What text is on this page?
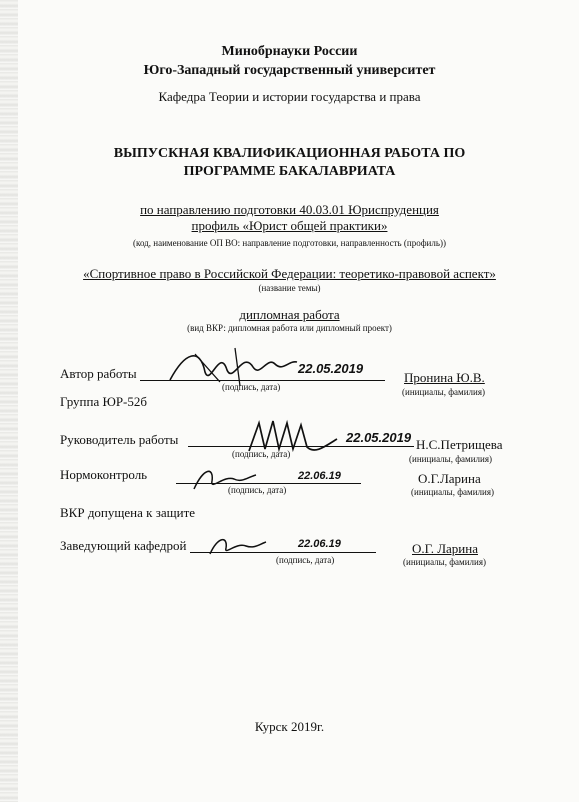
Минобрнауки России
Юго-Западный государственный университет
Кафедра Теории и истории государства и права
ВЫПУСКНАЯ КВАЛИФИКАЦИОННАЯ РАБОТА ПО
ПРОГРАММЕ БАКАЛАВРИАТА
по направлению подготовки 40.03.01 Юриспруденция
профиль «Юрист общей практики»
(код, наименование ОП ВО: направление подготовки, направленность (профиль))
«Спортивное право в Российской Федерации: теоретико-правовой аспект»
(название темы)
дипломная работа
(вид ВКР: дипломная работа или дипломный проект)
Автор работы	22.05.2019
(подпись, дата)
Пронина Ю.В.
(инициалы, фамилия)
Группа ЮР-52б
Руководитель работы	22.05.2019
(подпись, дата)
Н.С.Петрищева
(инициалы, фамилия)
Нормоконтроль	22.06.19
(подпись, дата)
О.Г.Ларина
(инициалы, фамилия)
ВКР допущена к защите
Заведующий кафедрой	22.06.19
(подпись, дата)
О.Г. Ларина
(инициалы, фамилия)
Курск 2019г.
